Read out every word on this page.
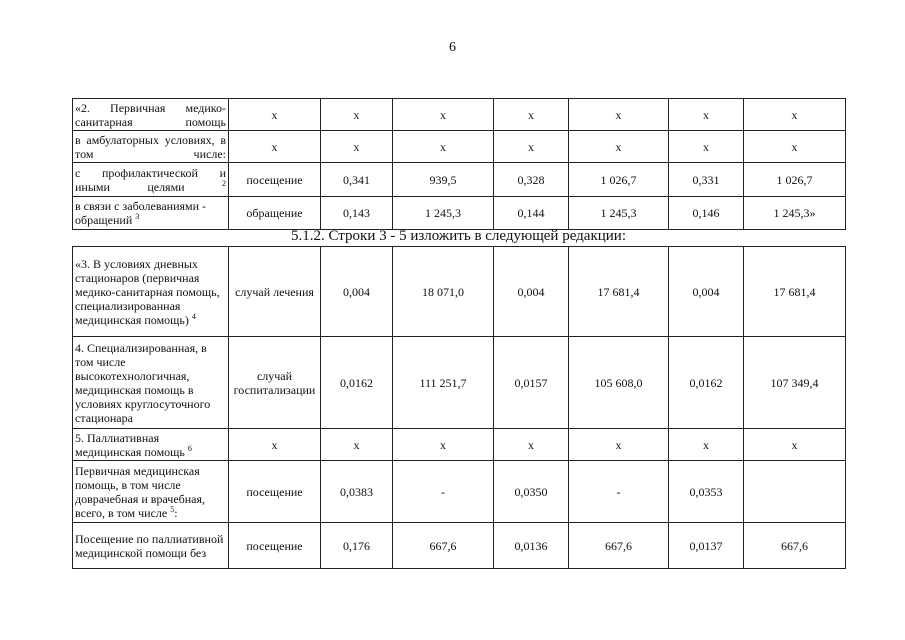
6
«2. Первичная медико-санитарная помощь	х	х	х	х	х	х	х
в амбулаторных условиях, в том числе:	х	х	х	х	х	х	х
с профилактической и иными целями $^2$	посещение	0,341	939,5	0,328	1 026,7	0,331	1 026,7
в связи с заболеваниями - обращений $^3$	обращение	0,143	1 245,3	0,144	1 245,3	0,146	1 245,3»
5.1.2. Строки 3 - 5 изложить в следующей редакции:
«3. В условиях дневных стационаров (первичная медико-санитарная помощь, специализированная медицинская помощь) $^4$	случай лечения	0,004	18 071,0	0,004	17 681,4	0,004	17 681,4
4. Специализированная, в том числе высокотехнологичная, медицинская помощь в условиях круглосуточного стационара	случай госпитализации	0,0162	111 251,7	0,0157	105 608,0	0,0162	107 349,4
5. Паллиативная медицинская помощь $^6$	х	х	х	х	х	х	х
Первичная медицинская помощь, в том числе доврачебная и врачебная, всего, в том числе $^5$:	посещение	0,0383	-	0,0350	-	0,0353	
Посещение по паллиативной медицинской помощи без	посещение	0,176	667,6	0,0136	667,6	0,0137	667,6
